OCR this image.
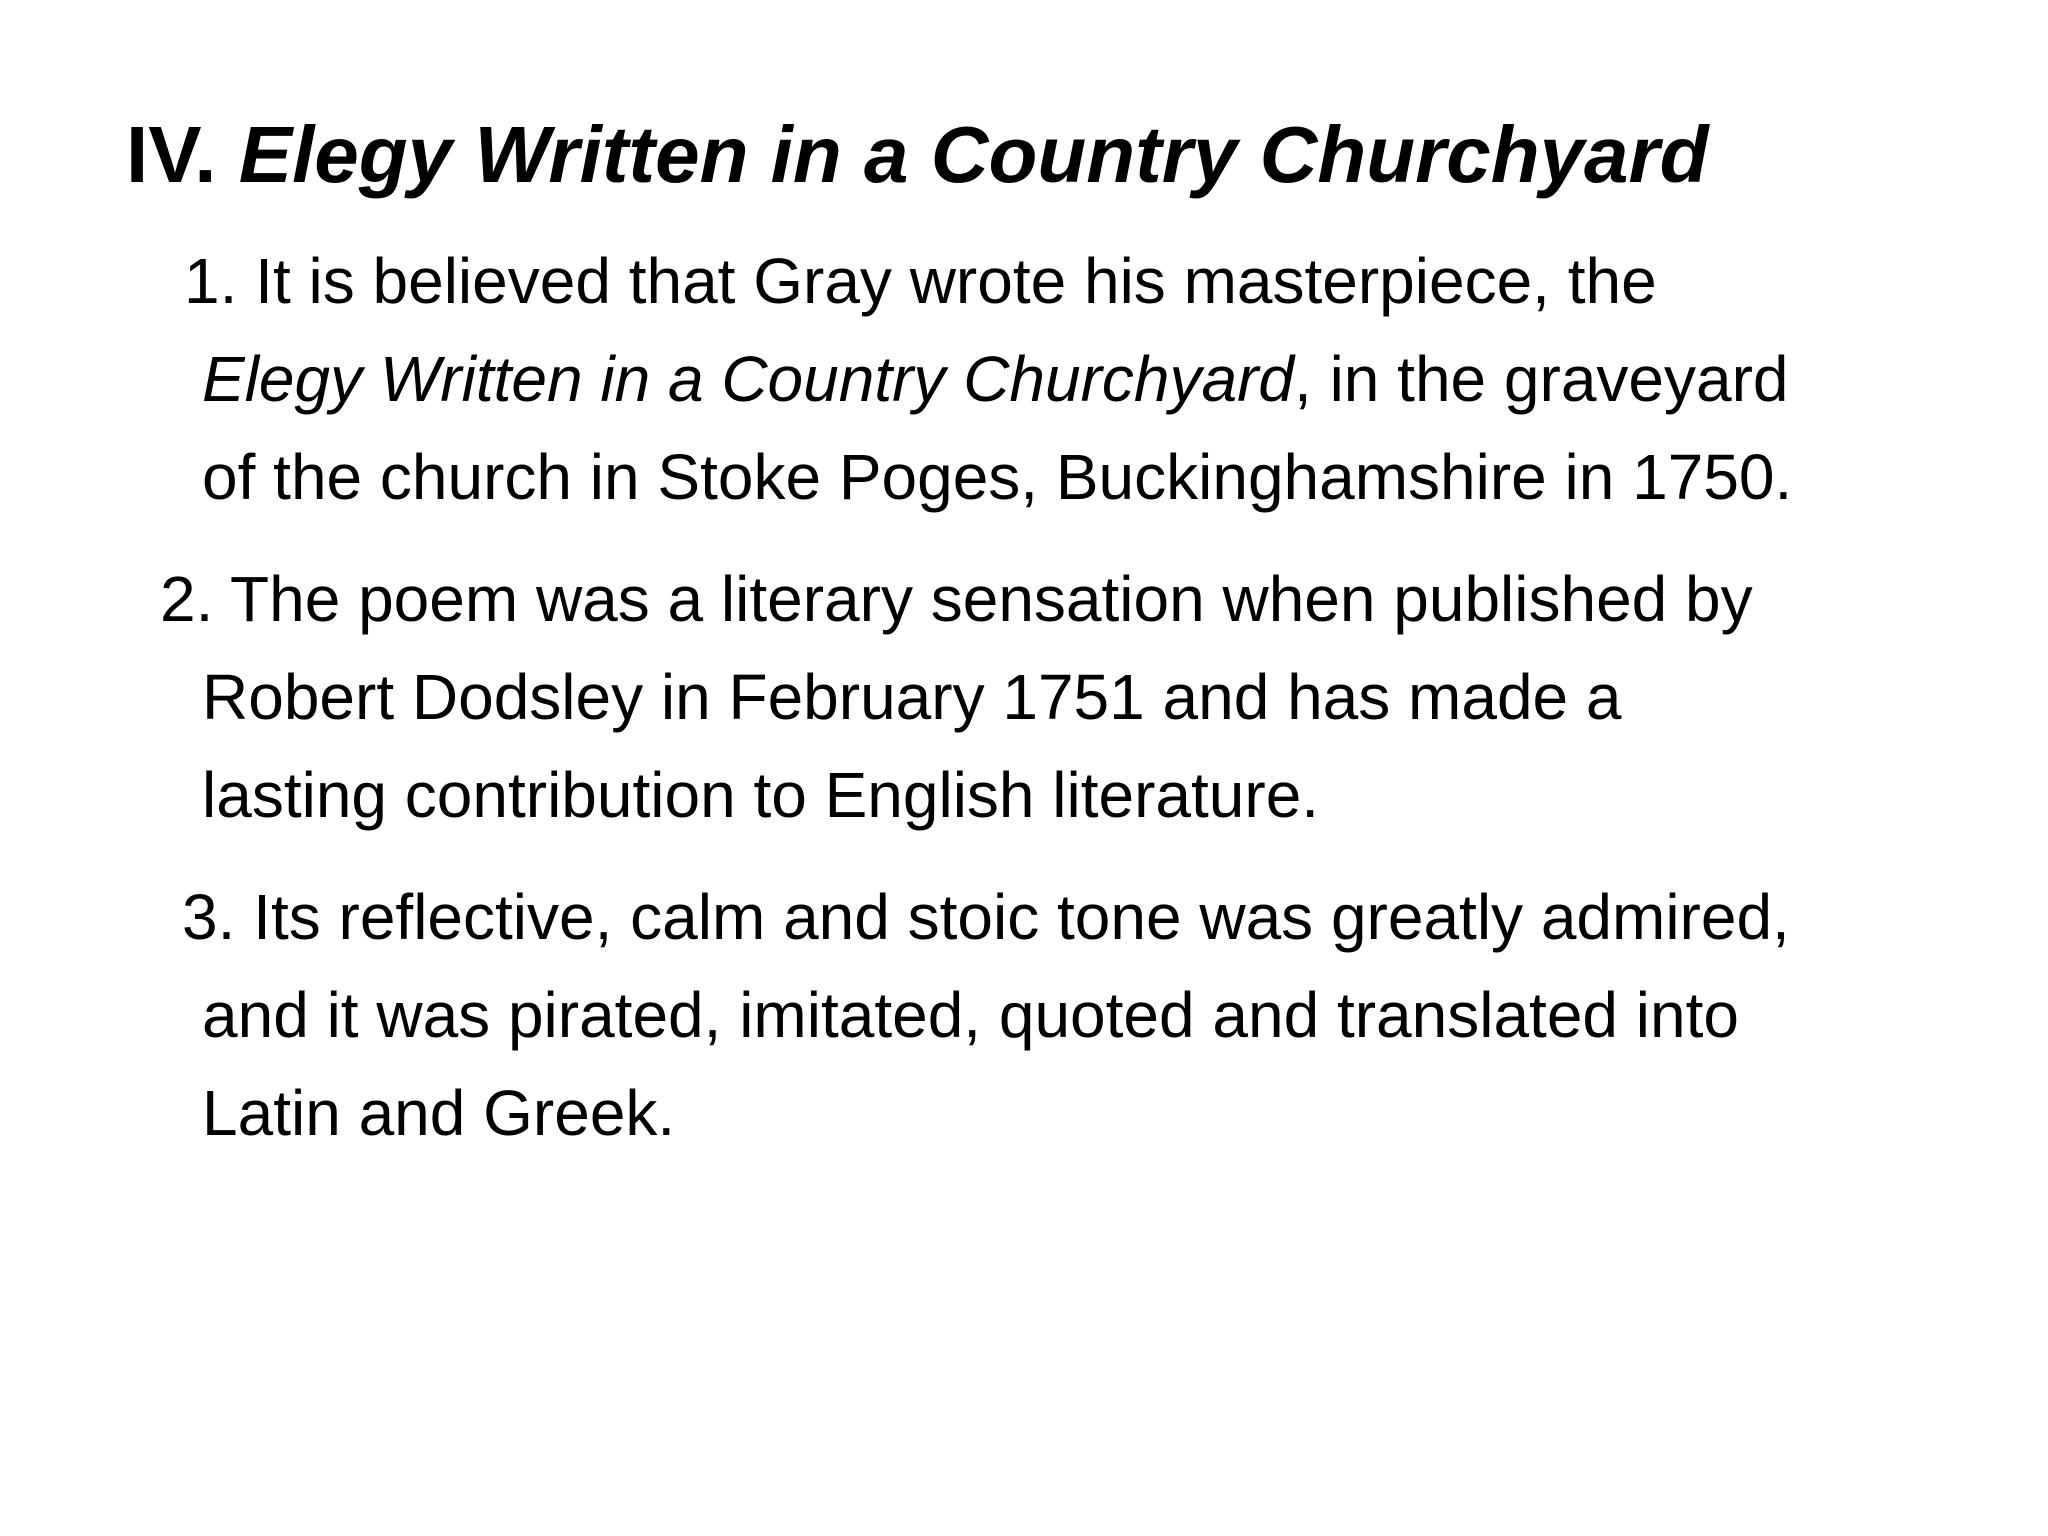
IV. Elegy Written in a Country Churchyard

1. It is believed that Gray wrote his masterpiece, the
Elegy Written in a Country Churchyard, in the graveyard
of the church in Stoke Poges, Buckinghamshire in 1750.

2. The poem was a literary sensation when published by
Robert Dodsley in February 1751 and has made a
lasting contribution to English literature.

3. Its reflective, calm and stoic tone was greatly admired,
and it was pirated, imitated, quoted and translated into
Latin and Greek.
